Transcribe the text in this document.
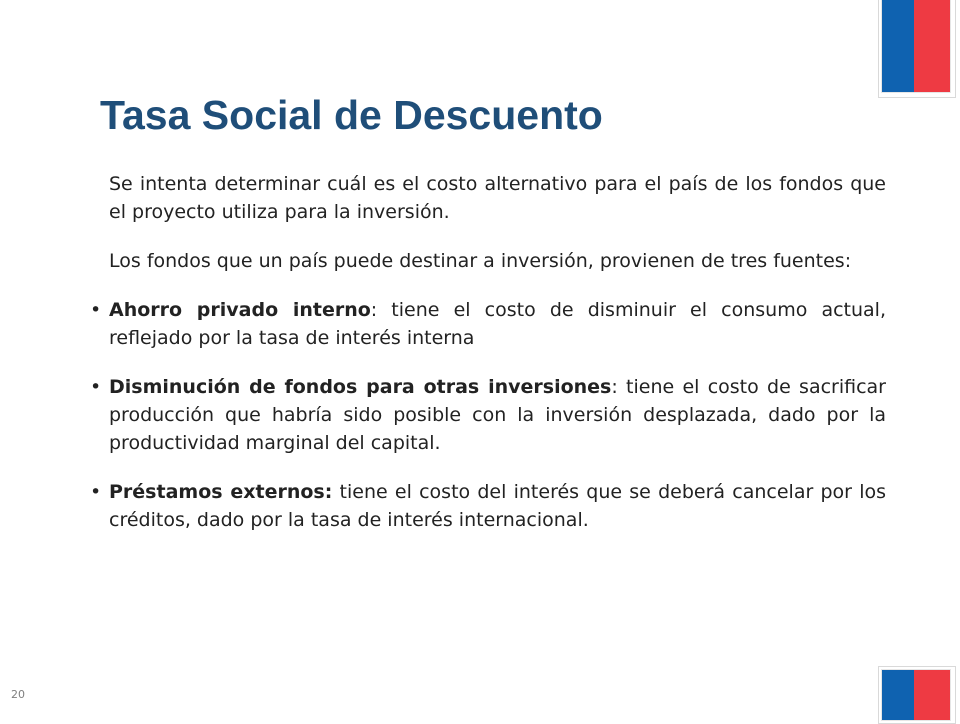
Tasa Social de Descuento

Se intenta determinar cuál es el costo alternativo para el país de los fondos que el proyecto utiliza para la inversión.

Los fondos que un país puede destinar a inversión, provienen de tres fuentes:

• Ahorro privado interno: tiene el costo de disminuir el consumo actual, reflejado por la tasa de interés interna

• Disminución de fondos para otras inversiones: tiene el costo de sacrificar producción que habría sido posible con la inversión desplazada, dado por la productividad marginal del capital.

• Préstamos externos: tiene el costo del interés que se deberá cancelar por los créditos, dado por la tasa de interés internacional.

20
